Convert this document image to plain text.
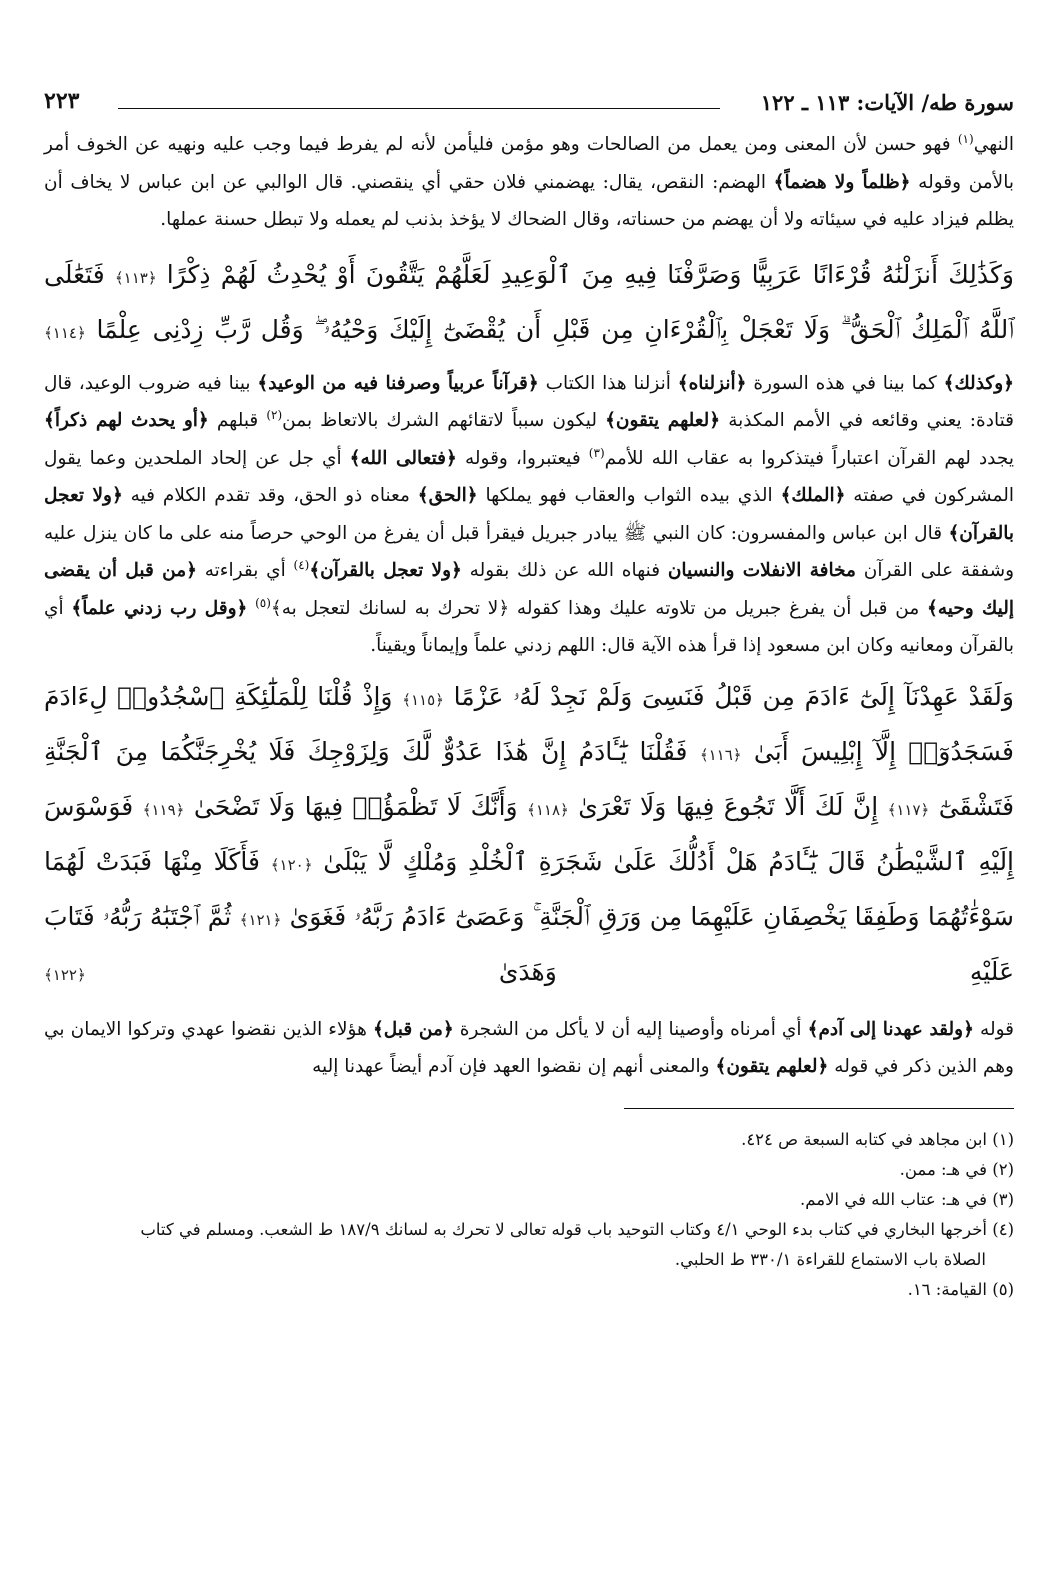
سورة طه/ الآيات: ١١٣ ـ ١٢٢
٢٢٣

النهي$^{(١)}$ فهو حسن لأن المعنى ومن يعمل من الصالحات وهو مؤمن فليأمن لأنه لم يفرط فيما وجب عليه ونهيه عن الخوف أمر بالأمن وقوله ﴿ظلماً ولا هضماً﴾ الهضم: النقص، يقال: يهضمني فلان حقي أي ينقصني. قال الوالبي عن ابن عباس لا يخاف أن يظلم فيزاد عليه في سيئاته ولا أن يهضم من حسناته، وقال الضحاك لا يؤخذ بذنب لم يعمله ولا تبطل حسنة عملها.

وَكَذَٰلِكَ أَنزَلْنَٰهُ قُرْءَانًا عَرَبِيًّا وَصَرَّفْنَا فِيهِ مِنَ ٱلْوَعِيدِ لَعَلَّهُمْ يَتَّقُونَ أَوْ يُحْدِثُ لَهُمْ ذِكْرًا ﴿١١٣﴾ فَتَعَٰلَى ٱللَّهُ ٱلْمَلِكُ ٱلْحَقُّ ۗ وَلَا تَعْجَلْ بِٱلْقُرْءَانِ مِن قَبْلِ أَن يُقْضَىٰٓ إِلَيْكَ وَحْيُهُۥ ۖ وَقُل رَّبِّ زِدْنِى عِلْمًا ﴿١١٤﴾

﴿وكذلك﴾ كما بينا في هذه السورة ﴿أنزلناه﴾ أنزلنا هذا الكتاب ﴿قرآناً عربياً وصرفنا فيه من الوعيد﴾ بينا فيه ضروب الوعيد، قال قتادة: يعني وقائعه في الأمم المكذبة ﴿لعلهم يتقون﴾ ليكون سبباً لاتقائهم الشرك بالاتعاظ بمن$^{(٢)}$ قبلهم ﴿أو يحدث لهم ذكراً﴾ يجدد لهم القرآن اعتباراً فيتذكروا به عقاب الله للأمم$^{(٣)}$ فيعتبروا، وقوله ﴿فتعالى الله﴾ أي جل عن إلحاد الملحدين وعما يقول المشركون في صفته ﴿الملك﴾ الذي بيده الثواب والعقاب فهو يملكها ﴿الحق﴾ معناه ذو الحق، وقد تقدم الكلام فيه ﴿ولا تعجل بالقرآن﴾ قال ابن عباس والمفسرون: كان النبي ﷺ يبادر جبريل فيقرأ قبل أن يفرغ من الوحي حرصاً منه على ما كان ينزل عليه وشفقة على القرآن مخافة الانفلات والنسيان فنهاه الله عن ذلك بقوله ﴿ولا تعجل بالقرآن﴾$^{(٤)}$ أي بقراءته ﴿من قبل أن يقضى إليك وحيه﴾ من قبل أن يفرغ جبريل من تلاوته عليك وهذا كقوله ﴿لا تحرك به لسانك لتعجل به﴾$^{(٥)}$ ﴿وقل رب زدني علماً﴾ أي بالقرآن ومعانيه وكان ابن مسعود إذا قرأ هذه الآية قال: اللهم زدني علماً وإيماناً ويقيناً.

وَلَقَدْ عَهِدْنَآ إِلَىٰٓ ءَادَمَ مِن قَبْلُ فَنَسِىَ وَلَمْ نَجِدْ لَهُۥ عَزْمًا ﴿١١٥﴾ وَإِذْ قُلْنَا لِلْمَلَٰٓئِكَةِ ٱسْجُدُوا۟ لِءَادَمَ فَسَجَدُوٓا۟ إِلَّآ إِبْلِيسَ أَبَىٰ ﴿١١٦﴾ فَقُلْنَا يَٰٓـَٔادَمُ إِنَّ هَٰذَا عَدُوٌّ لَّكَ وَلِزَوْجِكَ فَلَا يُخْرِجَنَّكُمَا مِنَ ٱلْجَنَّةِ فَتَشْقَىٰٓ ﴿١١٧﴾ إِنَّ لَكَ أَلَّا تَجُوعَ فِيهَا وَلَا تَعْرَىٰ ﴿١١٨﴾ وَأَنَّكَ لَا تَظْمَؤُا۟ فِيهَا وَلَا تَضْحَىٰ ﴿١١٩﴾ فَوَسْوَسَ إِلَيْهِ ٱلشَّيْطَٰنُ قَالَ يَٰٓـَٔادَمُ هَلْ أَدُلُّكَ عَلَىٰ شَجَرَةِ ٱلْخُلْدِ وَمُلْكٍ لَّا يَبْلَىٰ ﴿١٢٠﴾ فَأَكَلَا مِنْهَا فَبَدَتْ لَهُمَا سَوْءَٰتُهُمَا وَطَفِقَا يَخْصِفَانِ عَلَيْهِمَا مِن وَرَقِ ٱلْجَنَّةِ ۚ وَعَصَىٰٓ ءَادَمُ رَبَّهُۥ فَغَوَىٰ ﴿١٢١﴾ ثُمَّ ٱجْتَبَٰهُ رَبُّهُۥ فَتَابَ عَلَيْهِ وَهَدَىٰ ﴿١٢٢﴾

قوله ﴿ولقد عهدنا إلى آدم﴾ أي أمرناه وأوصينا إليه أن لا يأكل من الشجرة ﴿من قبل﴾ هؤلاء الذين نقضوا عهدي وتركوا الايمان بي وهم الذين ذكر في قوله ﴿لعلهم يتقون﴾ والمعنى أنهم إن نقضوا العهد فإن آدم أيضاً عهدنا إليه

(١) ابن مجاهد في كتابه السبعة ص ٤٢٤.

(٢) في هـ: ممن.

(٣) في هـ: عتاب الله في الامم.

(٤) أخرجها البخاري في كتاب بدء الوحي ٤/١ وكتاب التوحيد باب قوله تعالى لا تحرك به لسانك ١٨٧/٩ ط الشعب. ومسلم في كتاب

الصلاة باب الاستماع للقراءة ٣٣٠/١ ط الحلبي.

(٥) القيامة: ١٦.
